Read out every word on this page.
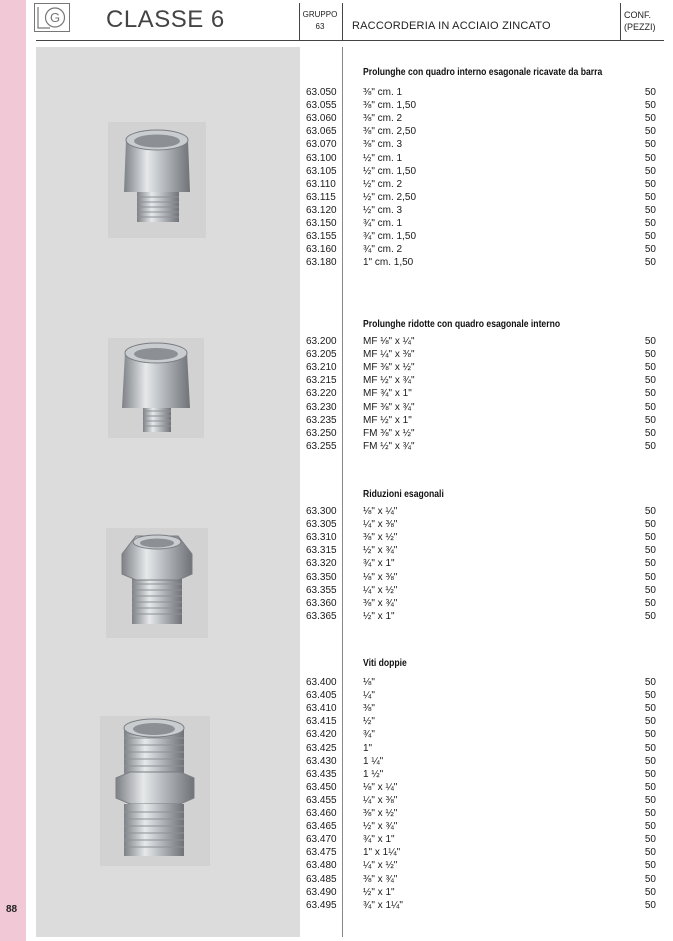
88
G CLASSE 6	GRUPPO
63	RACCORDERIA IN ACCIAIO ZINCATO
CONF.
(PEZZI)
Prolunghe con quadro interno esagonale ricavate da barra
63.050	⅜" cm. 1	50
63.055	⅜" cm. 1,50	50
63.060	⅜" cm. 2	50
63.065	⅜" cm. 2,50	50
63.070	⅜" cm. 3	50
63.100	½" cm. 1	50
63.105	½" cm. 1,50	50
63.110	½" cm. 2	50
63.115	½" cm. 2,50	50
63.120	½" cm. 3	50
63.150	¾" cm. 1	50
63.155	¾" cm. 1,50	50
63.160	¾" cm. 2	50
63.180	1" cm. 1,50	50
Prolunghe ridotte con quadro esagonale interno
63.200	MF ⅛" x ¼"	50
63.205	MF ¼" x ⅜"	50
63.210	MF ⅜" x ½"	50
63.215	MF ½" x ¾"	50
63.220	MF ¾" x 1"	50
63.230	MF ⅜" x ¾"	50
63.235	MF ½" x 1"	50
63.250	FM ⅜" x ½"	50
63.255	FM ½" x ¾"	50
Riduzioni esagonali
63.300	⅛" x ¼"	50
63.305	¼" x ⅜"	50
63.310	⅜" x ½"	50
63.315	½" x ¾"	50
63.320	¾" x 1"	50
63.350	⅛" x ⅜"	50
63.355	¼" x ½"	50
63.360	⅜" x ¾"	50
63.365	½" x 1"	50
Viti doppie
63.400	⅛"	50
63.405	¼"	50
63.410	⅜"	50
63.415	½"	50
63.420	¾"	50
63.425	1"	50
63.430	1 ¼"	50
63.435	1 ½"	50
63.450	⅛" x ¼"	50
63.455	¼" x ⅜"	50
63.460	⅜" x ½"	50
63.465	½" x ¾"	50
63.470	¾" x 1"	50
63.475	1" x 1¼"	50
63.480	¼" x ½"	50
63.485	⅜" x ¾"	50
63.490	½" x 1"	50
63.495	¾" x 1¼"	50
